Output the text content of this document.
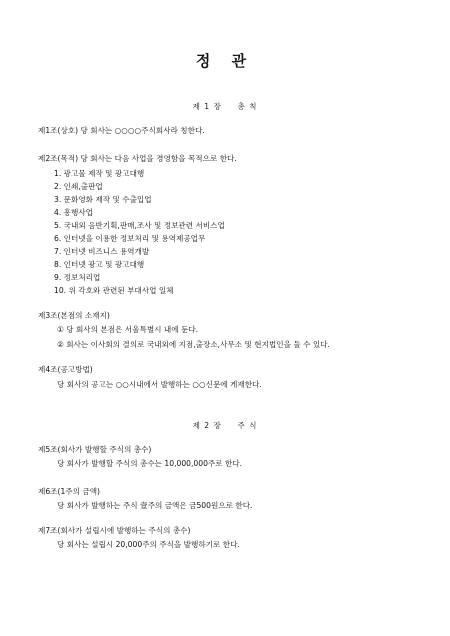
정 관
제 1 장 총 칙
제1조(상호) 당 회사는 ○○○○주식회사라 칭한다.
제2조(목적) 당 회사는 다음 사업을 경영함을 목적으로 한다.
1. 광고물 제작 및 광고대행
2. 인쇄,출판업
3. 문화영화 제작 및 수출입업
4. 흥행사업
5. 국내외 음반기획,판매,조사 및 정보관련 서비스업
6. 인터넷을 이용한 정보처리 및 용역제공업무
7. 인터넷 비즈니스 용역개발
8. 인터넷 광고 및 광고대행
9. 정보처리업
10. 위 각호와 관련된 부대사업 일체
제3조(본점의 소재지)
① 당 회사의 본점은 서울특별시 내에 둔다.
② 회사는 이사회의 결의로 국내외에 지점,출장소,사무소 및 현지법인을 둘 수 있다.
제4조(공고방법)
당 회사의 공고는 ○○시내에서 발행하는 ○○신문에 게재한다.
제 2 장 주 식
제5조(회사가 발행할 주식의 총수)
당 회사가 발행할 주식의 총수는 10,000,000주로 한다.
제6조(1주의 금액)
당 회사가 발행하는 주식 壹주의 금액은 금500원으로 한다.
제7조(회사가 설립시에 발행하는 주식의 총수)
당 회사는 설립시 20,000주의 주식을 발행하기로 한다.
